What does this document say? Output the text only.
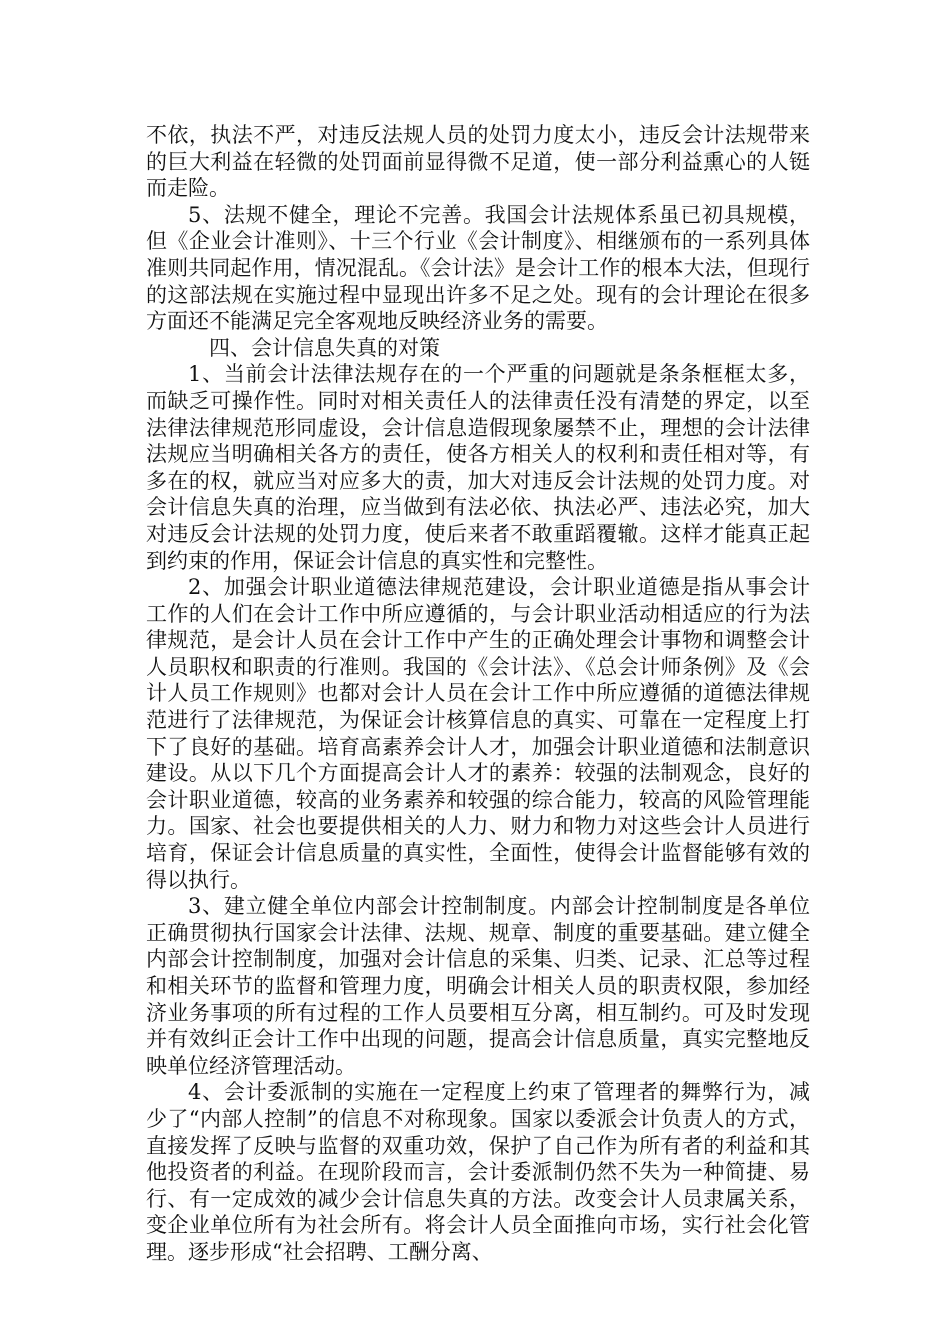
不依，执法不严，对违反法规人员的处罚力度太小，违反会计法规带来的巨大利益在轻微的处罚面前显得微不足道，使一部分利益熏心的人铤而走险。

5、法规不健全，理论不完善。我国会计法规体系虽已初具规模，但《企业会计准则》、十三个行业《会计制度》、相继颁布的一系列具体准则共同起作用，情况混乱。《会计法》是会计工作的根本大法，但现行的这部法规在实施过程中显现出许多不足之处。现有的会计理论在很多方面还不能满足完全客观地反映经济业务的需要。

四、会计信息失真的对策

1、当前会计法律法规存在的一个严重的问题就是条条框框太多，而缺乏可操作性。同时对相关责任人的法律责任没有清楚的界定，以至法律法律规范形同虚设，会计信息造假现象屡禁不止，理想的会计法律法规应当明确相关各方的责任，使各方相关人的权利和责任相对等，有多在的权，就应当对应多大的责，加大对违反会计法规的处罚力度。对会计信息失真的治理，应当做到有法必依、执法必严、违法必究，加大对违反会计法规的处罚力度，使后来者不敢重蹈覆辙。这样才能真正起到约束的作用，保证会计信息的真实性和完整性。

2、加强会计职业道德法律规范建设，会计职业道德是指从事会计工作的人们在会计工作中所应遵循的，与会计职业活动相适应的行为法律规范，是会计人员在会计工作中产生的正确处理会计事物和调整会计人员职权和职责的行准则。我国的《会计法》、《总会计师条例》及《会计人员工作规则》也都对会计人员在会计工作中所应遵循的道德法律规范进行了法律规范，为保证会计核算信息的真实、可靠在一定程度上打下了良好的基础。培育高素养会计人才，加强会计职业道德和法制意识建设。从以下几个方面提高会计人才的素养：较强的法制观念，良好的会计职业道德，较高的业务素养和较强的综合能力，较高的风险管理能力。国家、社会也要提供相关的人力、财力和物力对这些会计人员进行培育，保证会计信息质量的真实性，全面性，使得会计监督能够有效的得以执行。

3、建立健全单位内部会计控制制度。内部会计控制制度是各单位正确贯彻执行国家会计法律、法规、规章、制度的重要基础。建立健全内部会计控制制度，加强对会计信息的采集、归类、记录、汇总等过程和相关环节的监督和管理力度，明确会计相关人员的职责权限，参加经济业务事项的所有过程的工作人员要相互分离，相互制约。可及时发现并有效纠正会计工作中出现的问题，提高会计信息质量，真实完整地反映单位经济管理活动。

4、会计委派制的实施在一定程度上约束了管理者的舞弊行为，减少了“内部人控制”的信息不对称现象。国家以委派会计负责人的方式，直接发挥了反映与监督的双重功效，保护了自己作为所有者的利益和其他投资者的利益。在现阶段而言，会计委派制仍然不失为一种简捷、易行、有一定成效的减少会计信息失真的方法。改变会计人员隶属关系，变企业单位所有为社会所有。将会计人员全面推向市场，实行社会化管理。逐步形成“社会招聘、工酬分离、
